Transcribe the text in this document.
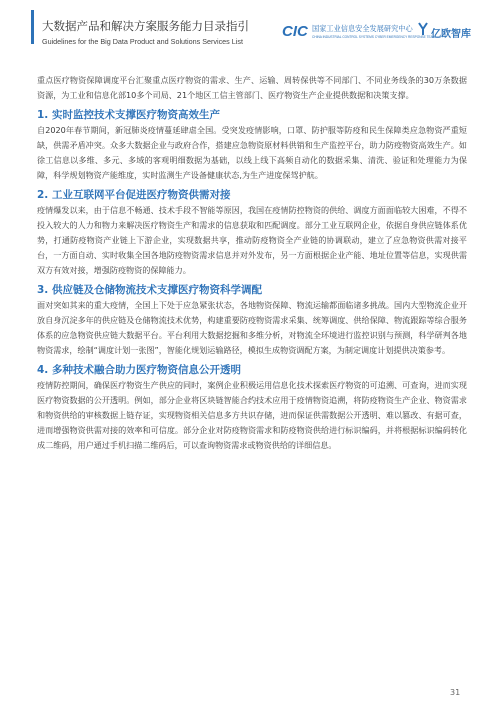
大数据产品和解决方案服务能力目录指引
Guidelines for the Big Data Product and Solutions Services List
CIC 国家工业信息安全发展研究中心
CHINA INDUSTRIAL CONTROL SYSTEMS CYBER EMERGENCY RESPONSE TEAM
亿欧智库

重点医疗物资保障调度平台汇聚重点医疗物资的需求、生产、运输、周转保供等不同部门、不同业务线条的30万条数据资源，为工业和信息化部10多个司局、21个地区工信主管部门、医疗物资生产企业提供数据和决策支撑。

1. 实时监控技术支撑医疗物资高效生产

自2020年春节期间，新冠肺炎疫情蔓延肆虐全国。受突发疫情影响，口罩、防护服等防疫和民生保障类应急物资严重短缺，供需矛盾冲突。众多大数据企业与政府合作，搭建应急物资原材料供销和生产监控平台，助力防疫物资高效生产。如徐工信息以多维、多元、多域的客观明细数据为基础，以线上线下高频自动化的数据采集、清洗、验证和处理能力为保障，科学规划物资产能维度，实时监测生产设备健康状态,为生产进度保驾护航。

2. 工业互联网平台促进医疗物资供需对接

疫情爆发以来，由于信息不畅通、技术手段不智能等原因，我国在疫情防控物资的供给、调度方面面临较大困难，不得不投入较大的人力和物力来解决医疗物资生产和需求的信息获取和匹配调度。部分工业互联网企业，依据自身供应链体系优势，打通防疫物资产业链上下游企业，实现数据共享，推动防疫物资全产业链的协调联动，建立了应急物资供需对接平台，一方面自动、实时收集全国各地防疫物资需求信息并对外发布，另一方面根据企业产能、地址位置等信息，实现供需双方有效对接，增强防疫物资的保障能力。

3. 供应链及仓储物流技术支撑医疗物资科学调配

面对突如其来的重大疫情，全国上下处于应急紧张状态，各地物资保障、物流运输都面临诸多挑战。国内大型物流企业开放自身沉淀多年的供应链及仓储物流技术优势，构建重要防疫物资需求采集、统筹调度、供给保障、物流跟踪等综合服务体系的应急物资供应链大数据平台。平台利用大数据挖掘和多维分析，对物流全环境进行监控识别与预测，科学研判各地物资需求，绘制“调度计划一张图”，智能化规划运输路径，模拟生成物资调配方案，为制定调度计划提供决策参考。

4. 多种技术融合助力医疗物资信息公开透明

疫情防控期间，确保医疗物资生产供应的同时，案例企业积极运用信息化技术探索医疗物资的可追溯、可查询，进而实现医疗物资数据的公开透明。例如，部分企业将区块链智能合约技术应用于疫情物资追溯，将防疫物资生产企业、物资需求和物资供给的审核数据上链存证，实现物资相关信息多方共识存储，进而保证供需数据公开透明、难以篡改、有据可查，进而增强物资供需对接的效率和可信度。部分企业对防疫物资需求和防疫物资供给进行标识编码，并将根据标识编码转化成二维码，用户通过手机扫描二维码后，可以查询物资需求或物资供给的详细信息。

31
